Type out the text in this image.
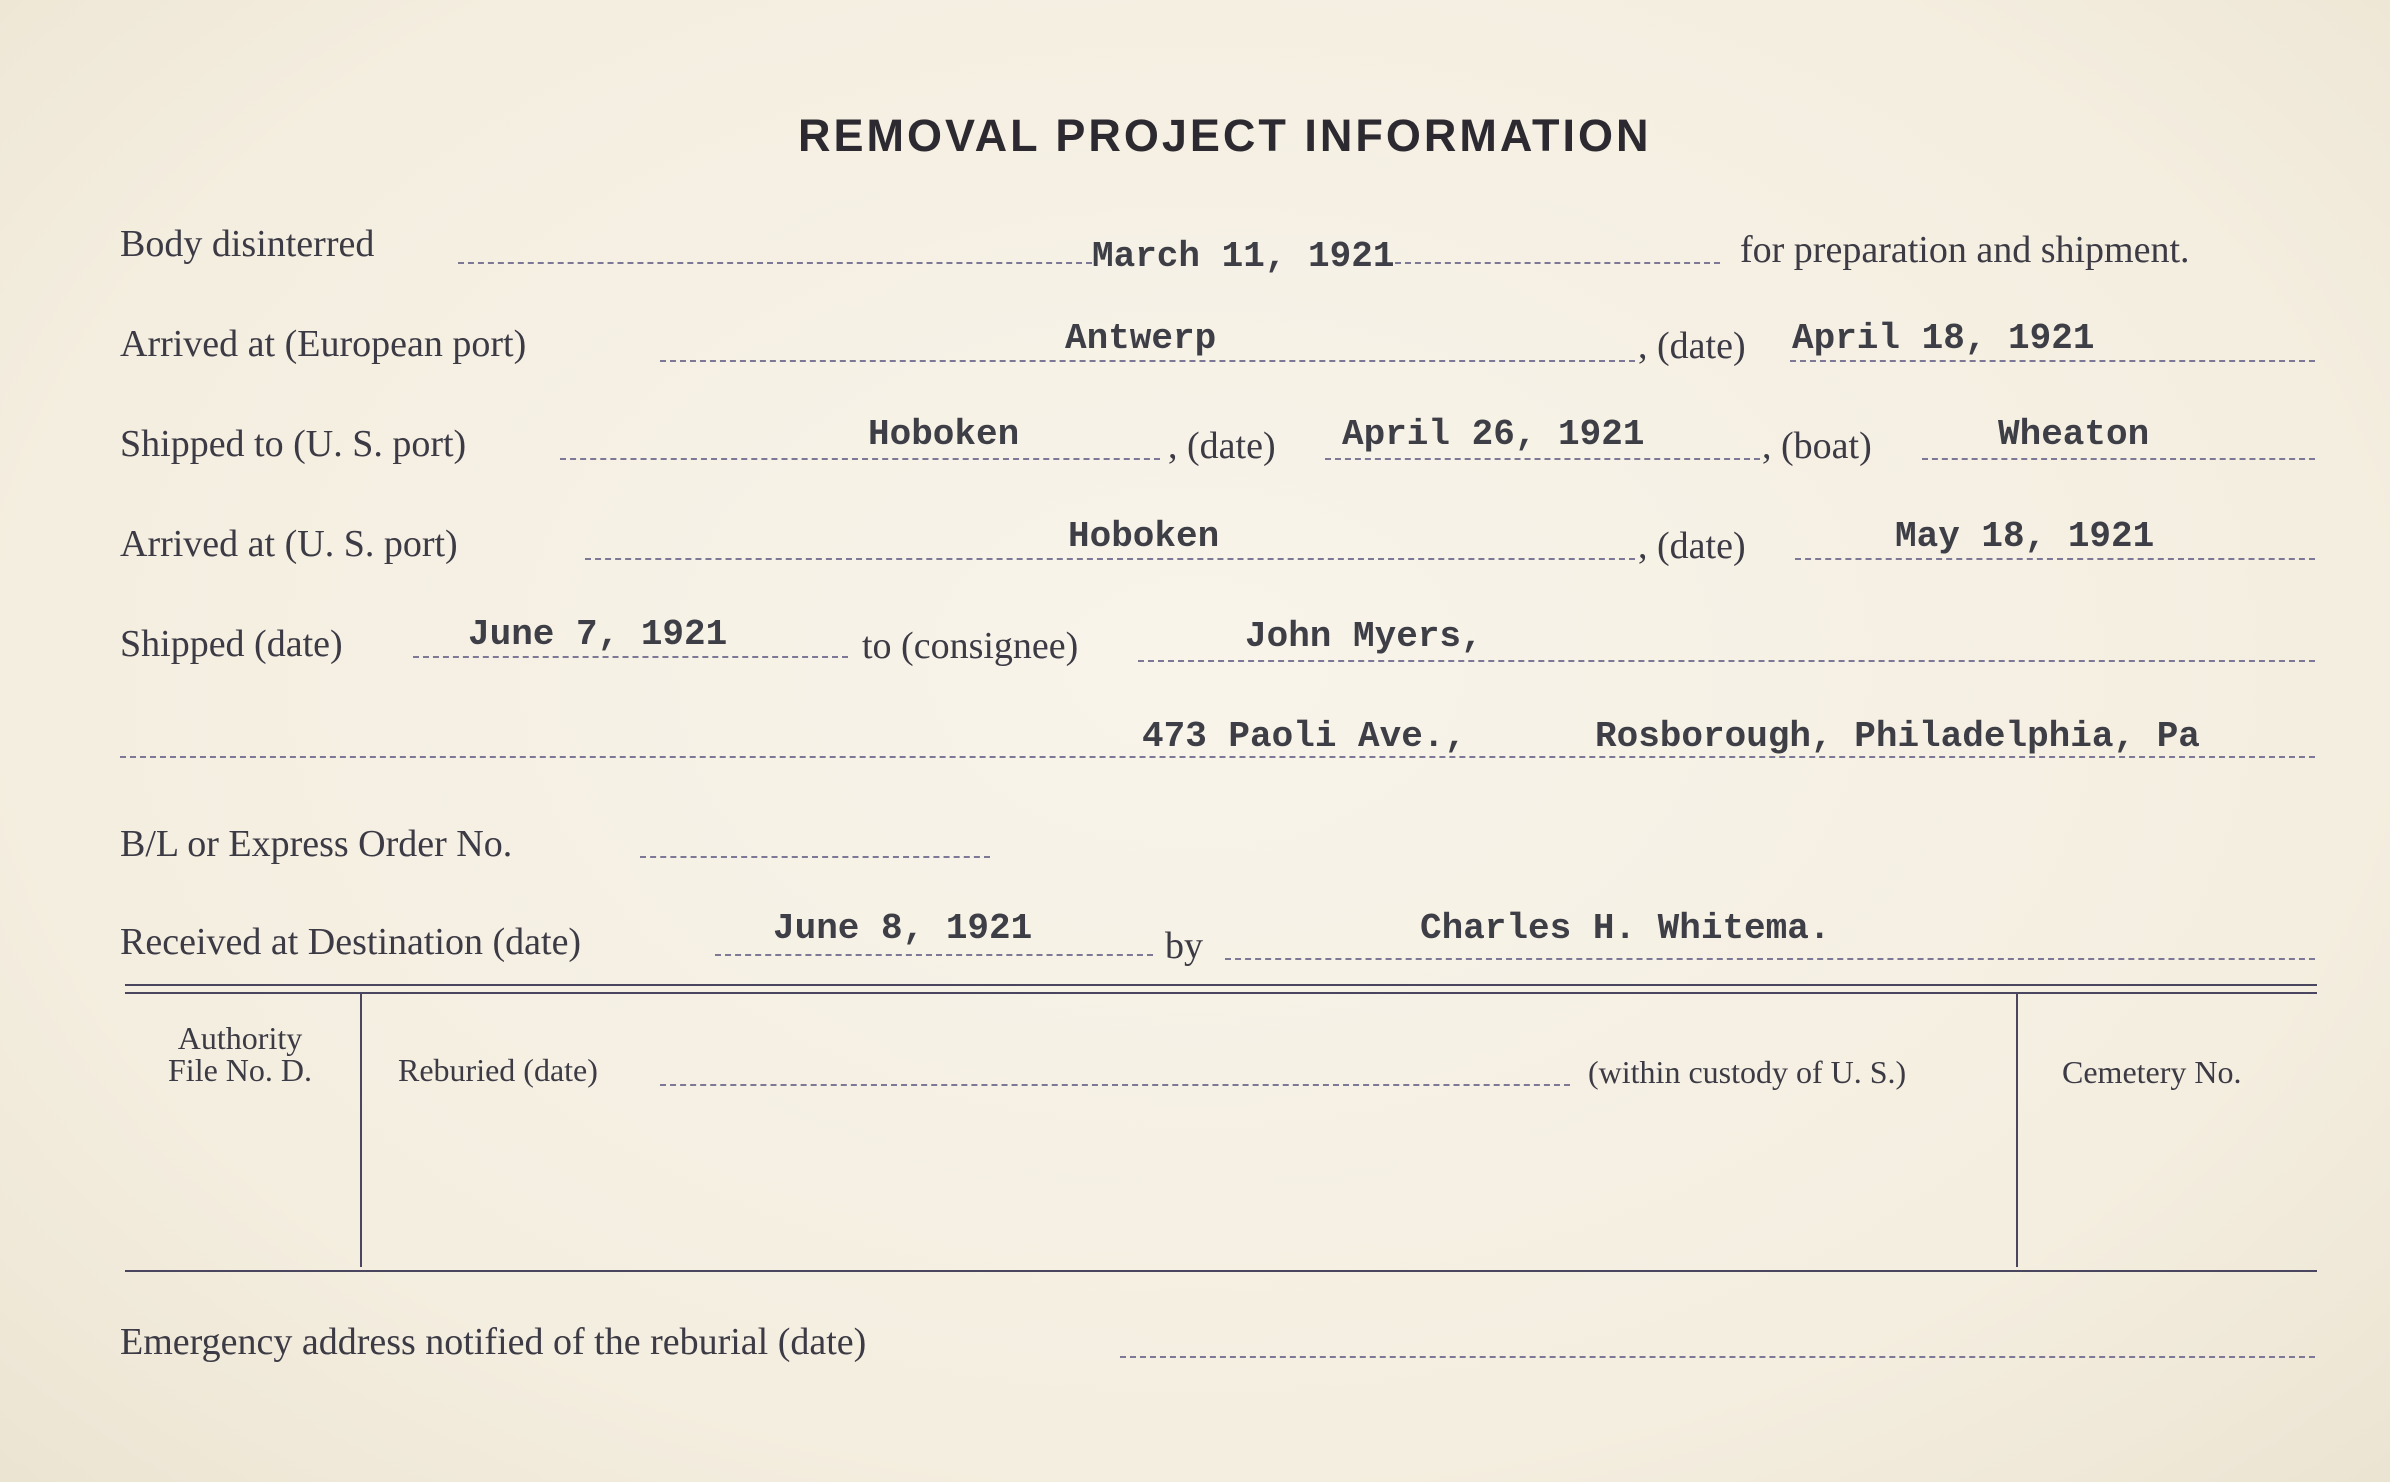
REMOVAL PROJECT INFORMATION
Body disinterred	March 11, 1921	for preparation and shipment.
Arrived at (European port)	Antwerp	, (date) April 18, 1921
Shipped to (U. S. port)	Hoboken	, (date) April 26, 1921	, (boat)	Wheaton
Arrived at (U. S. port)	Hoboken	, (date)	May 18, 1921
Shipped (date)	June 7, 1921	to (consignee)	John Myers,
473 Paoli Ave.,	Rosborough, Philadelphia, Pa
B/L or Express Order No.
Received at Destination (date)	June 8, 1921	by	Charles H. Whitema.
Authority
File No. D.	Reburied (date)	(within custody of U. S.)	Cemetery No.
Emergency address notified of the reburial (date)
